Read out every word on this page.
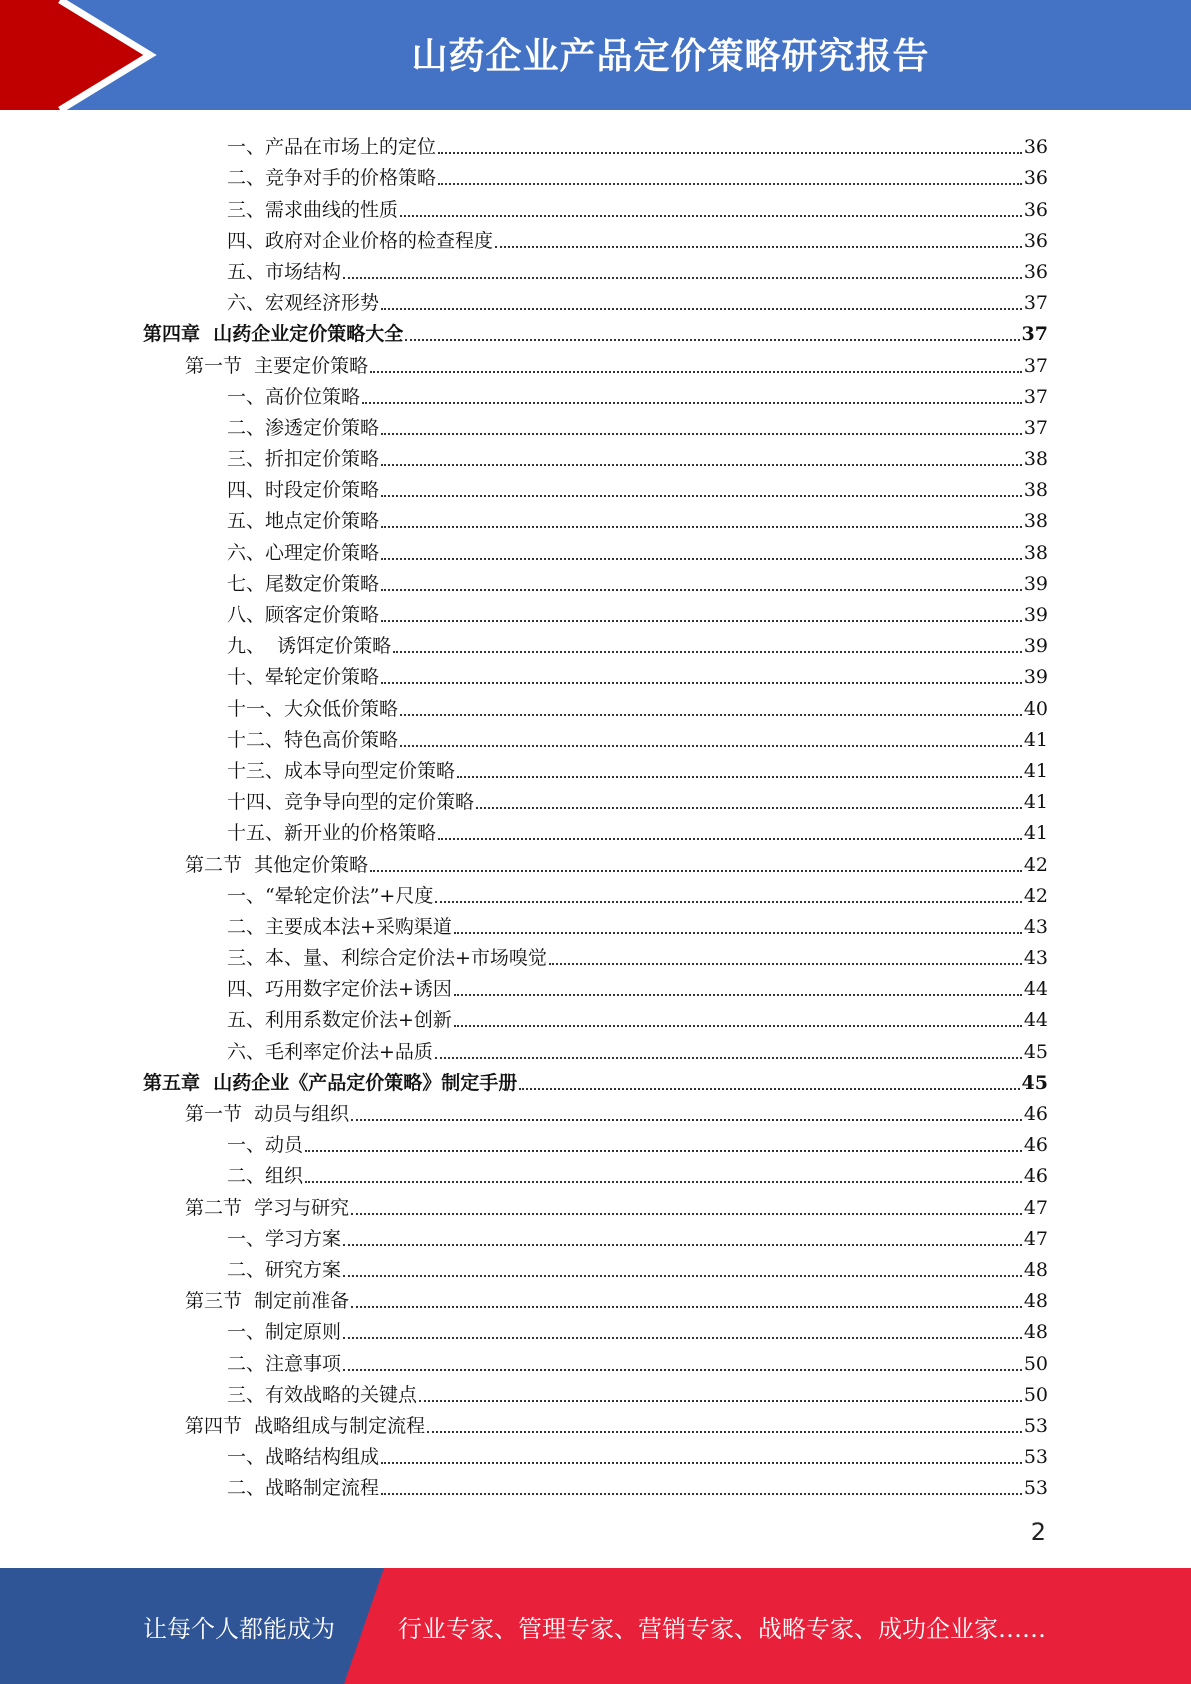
山药企业产品定价策略研究报告
一、产品在市场上的定位	36
二、竞争对手的价格策略	36
三、需求曲线的性质	36
四、政府对企业价格的检查程度	36
五、市场结构	36
六、宏观经济形势	37
第四章  山药企业定价策略大全	37
第一节  主要定价策略	37
一、高价位策略	37
二、渗透定价策略	37
三、折扣定价策略	38
四、时段定价策略	38
五、地点定价策略	38
六、心理定价策略	38
七、尾数定价策略	39
八、顾客定价策略	39
九、  诱饵定价策略	39
十、晕轮定价策略	39
十一、大众低价策略	40
十二、特色高价策略	41
十三、成本导向型定价策略	41
十四、竞争导向型的定价策略	41
十五、新开业的价格策略	41
第二节  其他定价策略	42
一、“晕轮定价法”+尺度	42
二、主要成本法+采购渠道	43
三、本、量、利综合定价法+市场嗅觉	43
四、巧用数字定价法+诱因	44
五、利用系数定价法+创新	44
六、毛利率定价法+品质	45
第五章  山药企业《产品定价策略》制定手册	45
第一节  动员与组织	46
一、动员	46
二、组织	46
第二节  学习与研究	47
一、学习方案	47
二、研究方案	48
第三节  制定前准备	48
一、制定原则	48
二、注意事项	50
三、有效战略的关键点	50
第四节  战略组成与制定流程	53
一、战略结构组成	53
二、战略制定流程	53
2
让每个人都能成为	行业专家、管理专家、营销专家、战略专家、成功企业家……
